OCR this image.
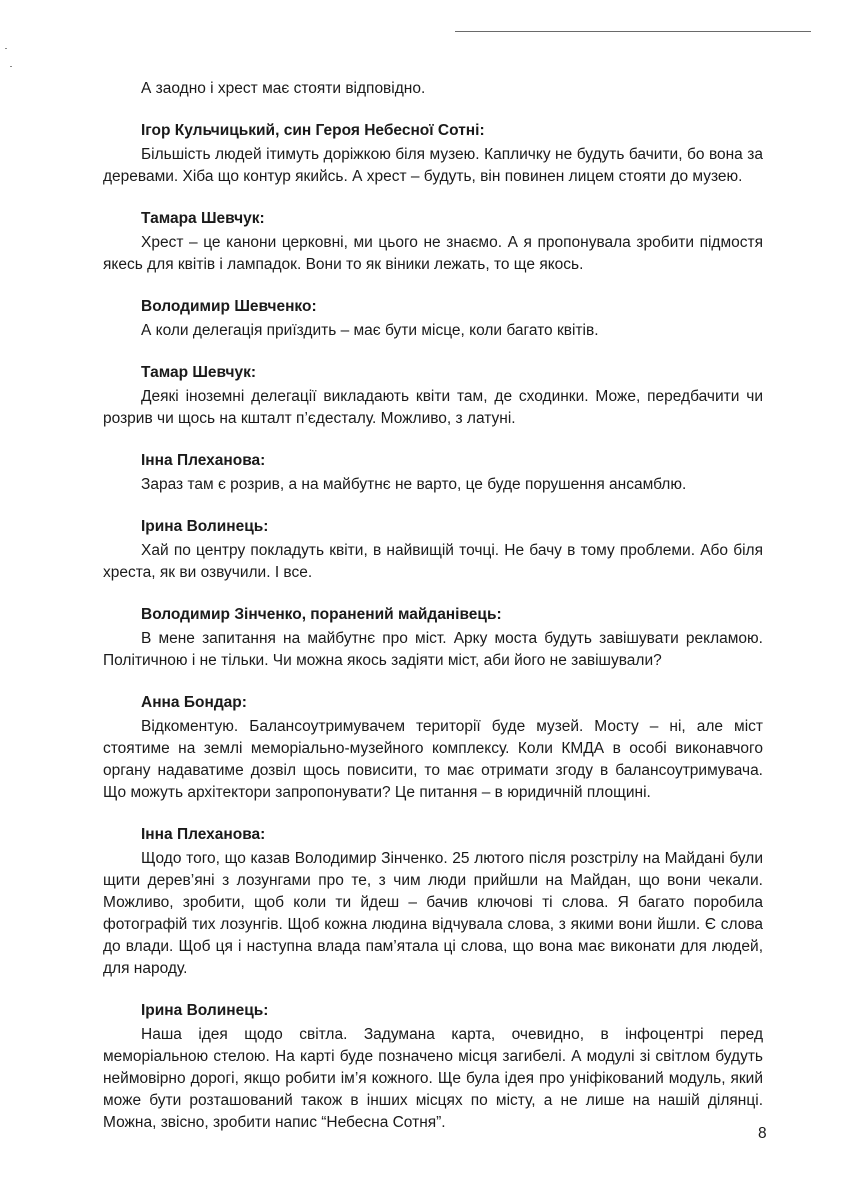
А заодно і хрест має стояти відповідно.

Ігор Кульчицький, син Героя Небесної Сотні:

Більшість людей ітимуть доріжкою біля музею. Капличку не будуть бачити, бо вона за деревами. Хіба що контур якийсь. А хрест – будуть, він повинен лицем стояти до музею.

Тамара Шевчук:

Хрест – це канони церковні, ми цього не знаємо. А я пропонувала зробити підмостя якесь для квітів і лампадок. Вони то як віники лежать, то ще якось.

Володимир Шевченко:

А коли делегація приїздить – має бути місце, коли багато квітів.

Тамар Шевчук:

Деякі іноземні делегації викладають квіти там, де сходинки. Може, передбачити чи розрив чи щось на кшталт п’єдесталу. Можливо, з латуні.

Інна Плеханова:

Зараз там є розрив, а на майбутнє не варто, це буде порушення ансамблю.

Ірина Волинець:

Хай по центру покладуть квіти, в найвищій точці. Не бачу в тому проблеми. Або біля хреста, як ви озвучили. І все.

Володимир Зінченко, поранений майданівець:

В мене запитання на майбутнє про міст. Арку моста будуть завішувати рекламою. Політичною і не тільки. Чи можна якось задіяти міст, аби його не завішували?

Анна Бондар:

Відкоментую. Балансоутримувачем території буде музей. Мосту – ні, але міст стоятиме на землі меморіально-музейного комплексу. Коли КМДА в особі виконавчого органу надаватиме дозвіл щось повисити, то має отримати згоду в балансоутримувача. Що можуть архітектори запропонувати? Це питання – в юридичній площині.

Інна Плеханова:

Щодо того, що казав Володимир Зінченко. 25 лютого після розстрілу на Майдані були щити дерев’яні з лозунгами про те, з чим люди прийшли на Майдан, що вони чекали. Можливо, зробити, щоб коли ти йдеш – бачив ключові ті слова. Я багато поробила фотографій тих лозунгів. Щоб кожна людина відчувала слова, з якими вони йшли. Є слова до влади. Щоб ця і наступна влада пам’ятала ці слова, що вона має виконати для людей, для народу.

Ірина Волинець:

Наша ідея щодо світла. Задумана карта, очевидно, в інфоцентрі перед меморіальною стелою. На карті буде позначено місця загибелі. А модулі зі світлом будуть неймовірно дорогі, якщо робити ім’я кожного. Ще була ідея про уніфікований модуль, який може бути розташований також в інших місцях по місту, а не лише на нашій ділянці. Можна, звісно, зробити напис “Небесна Сотня”.

8
